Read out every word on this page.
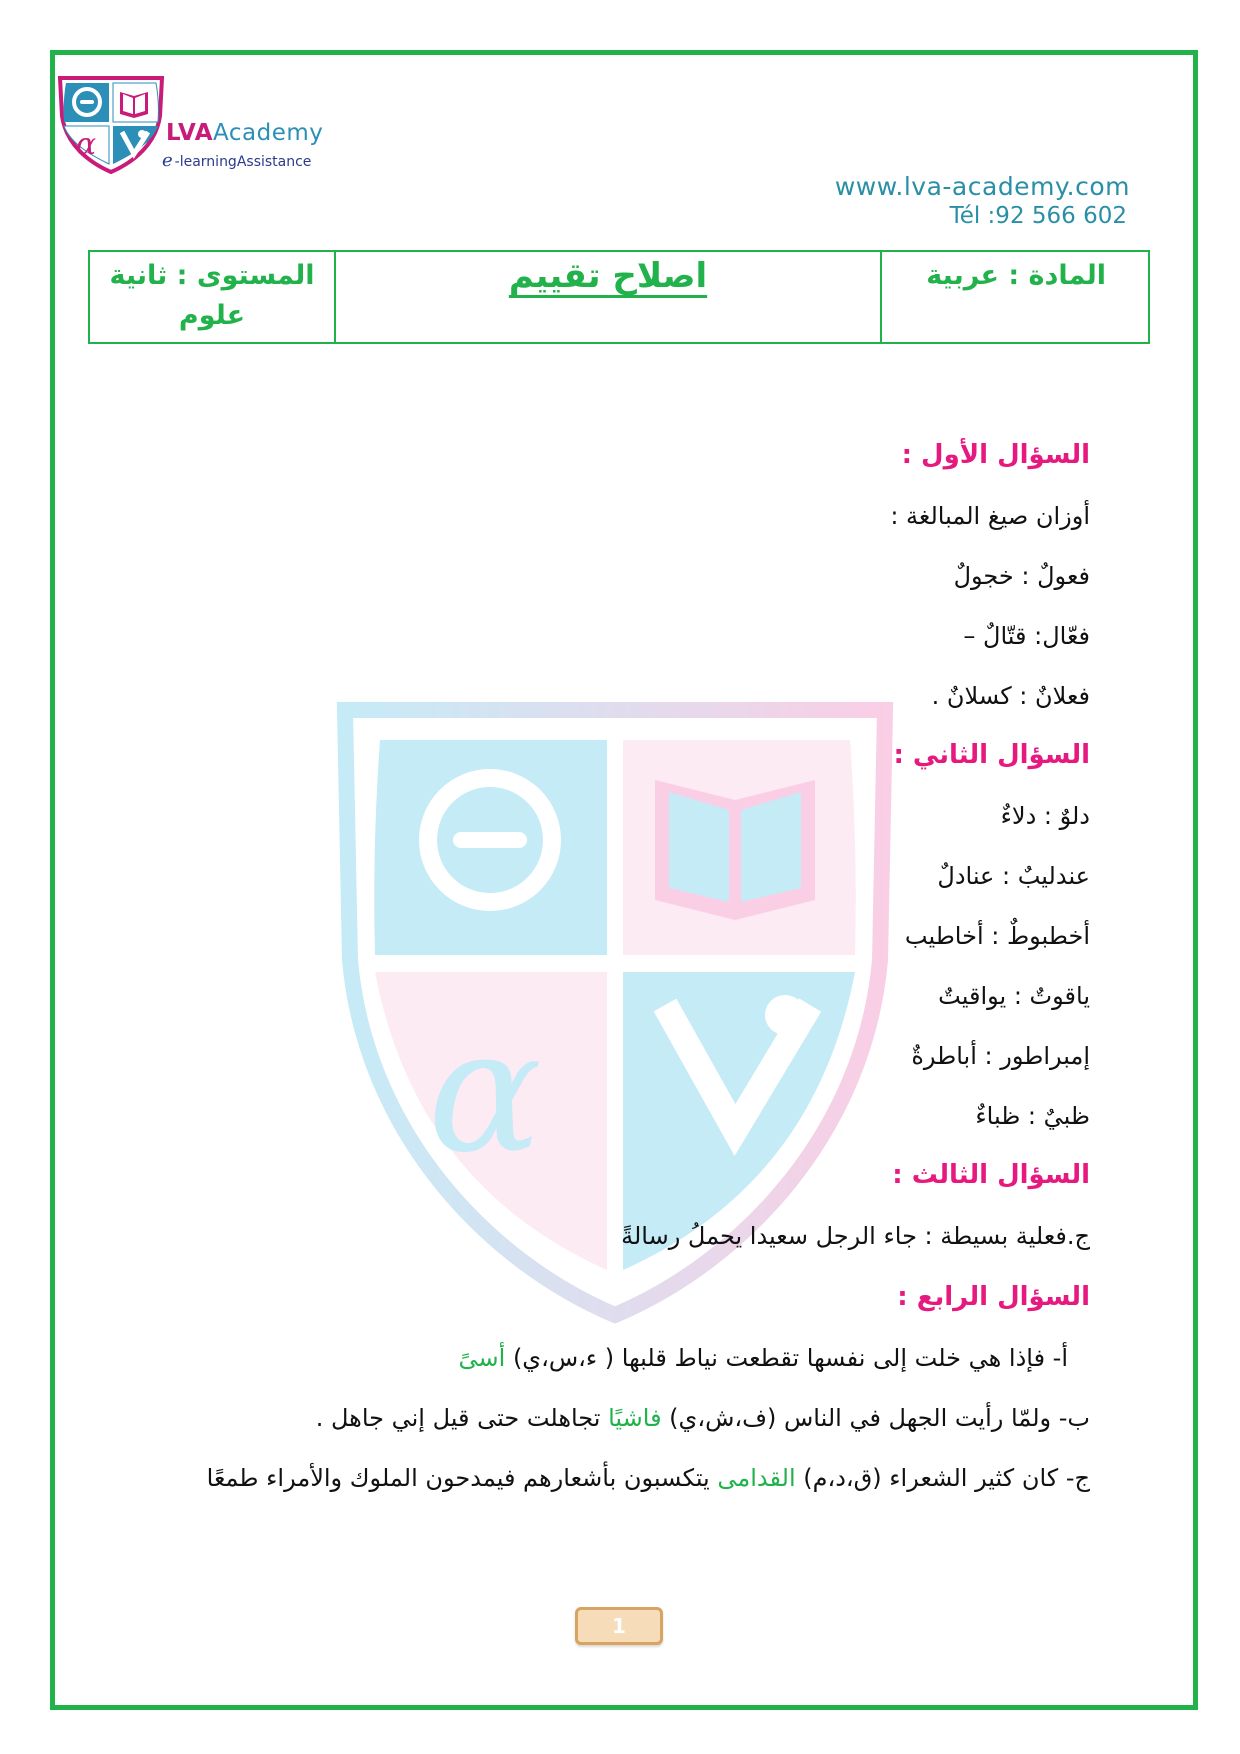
α	LVAAcademy
e -learningAssistance
www.lva-academy.com
Tél :92 566 602
المستوى : ثانية
علوم
اصلاح تقييم	المادة : عربية
α
السؤال الأول :
أوزان صيغ المبالغة :
فعولٌ : خجولٌ
فعّال: قتّالٌ –
فعلانٌ : كسلانٌ .
السؤال الثاني :
دلوٌ : دلاءٌ
عندليبٌ : عنادلٌ
أخطبوطٌ : أخاطيب
ياقوتٌ : يواقيتٌ
إمبراطور : أباطرةٌ
ظبيٌ : ظباءٌ
السؤال الثالث :
ج.فعلية بسيطة : جاء الرجل سعيدا يحملُ رسالةً
السؤال الرابع :
أ- فإذا هي خلت إلى نفسها تقطعت نياط قلبها ( ء،س،ي) أسىً
ب- ولمّا رأيت الجهل في الناس (ف،ش،ي) فاشيًا تجاهلت حتى قيل إني جاهل .
ج- كان كثير الشعراء (ق،د،م) القدامى يتكسبون بأشعارهم فيمدحون الملوك والأمراء طمعًا
1
